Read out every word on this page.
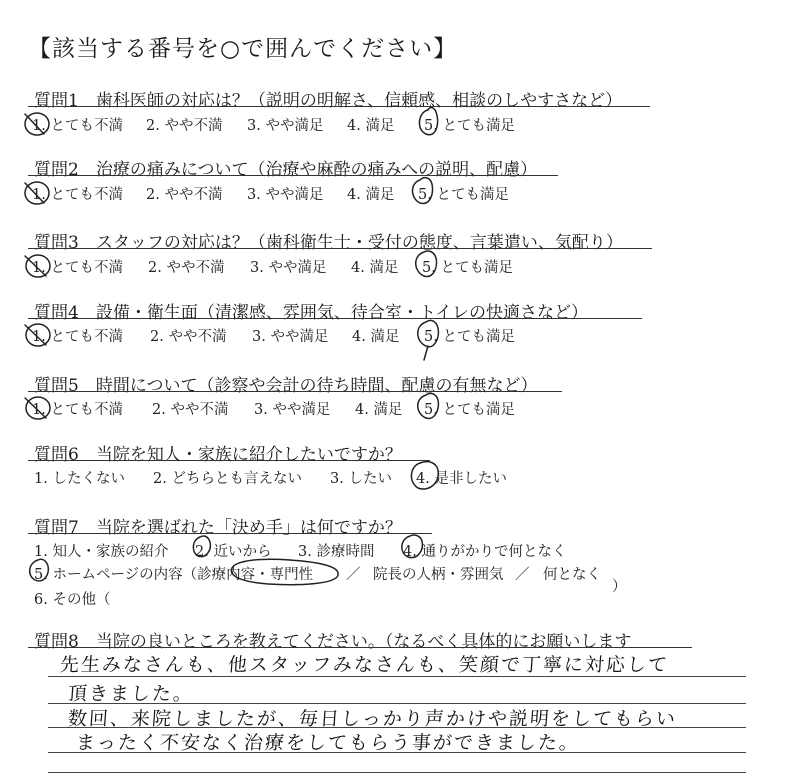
【該当する番号を○で囲んでください】
質問1　歯科医師の対応は？（説明の明解さ、信頼感、相談のしやすさなど）
1. とても不満 2. やや不満 3. やや満足 4. 満足 5. とても満足
質問2　治療の痛みについて（治療や麻酔の痛みへの説明、配慮）
1. とても不満 2. やや不満 3. やや満足 4. 満足 5. とても満足
質問3　スタッフの対応は？（歯科衛生士・受付の態度、言葉遣い、気配り）
1. とても不満 2. やや不満 3. やや満足 4. 満足 5. とても満足
質問4　設備・衛生面（清潔感、雰囲気、待合室・トイレの快適さなど）
1. とても不満 2. やや不満 3. やや満足 4. 満足 5. とても満足
質問5　時間について（診察や会計の待ち時間、配慮の有無など）
1. とても不満 2. やや不満 3. やや満足 4. 満足 5. とても満足
質問6　当院を知人・家族に紹介したいですか？
1. したくない 2. どちらとも言えない 3. したい 4. 是非したい
質問7　当院を選ばれた「決め手」は何ですか？
1. 知人・家族の紹介 2. 近いから 3. 診療時間 4. 通りがかりで何となく
5. ホームページの内容（診療内容・専門性 ／ 院長の人柄・雰囲気 ／ 何となく
）
6. その他（
質問8　当院の良いところを教えてください。（なるべく具体的にお願いします
先生みなさんも、他スタッフみなさんも、笑顔で丁寧に対応して
頂きました。
数回、来院しましたが、毎日しっかり声かけや説明をしてもらい
まったく不安なく治療をしてもらう事ができました。
